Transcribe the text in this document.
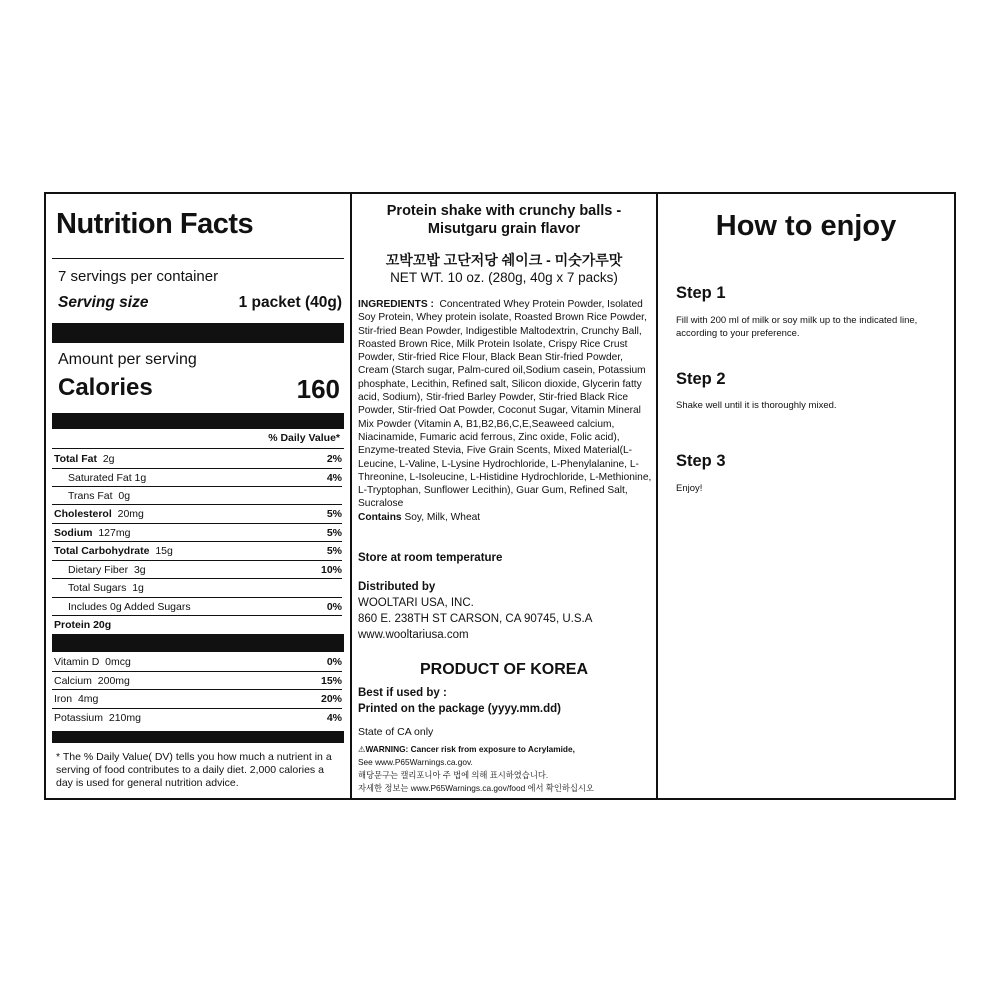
Nutrition Facts
7 servings per container
Serving size	1 packet (40g)
Amount per serving
Calories	160
% Daily Value*
Total Fat 2g	2%
Saturated Fat 1g	4%
Trans Fat 0g
Cholesterol 20mg	5%
Sodium 127mg	5%
Total Carbohydrate 15g	5%
Dietary Fiber 3g	10%
Total Sugars 1g
Includes 0g Added Sugars	0%
Protein 20g
Vitamin D 0mcg	0%
Calcium 200mg	15%
Iron 4mg	20%
Potassium 210mg	4%
* The % Daily Value( DV) tells you how much a nutrient in a serving of food contributes to a daily diet. 2,000 calories a day is used for general nutrition advice.
Protein shake with crunchy balls -
Misutgaru grain flavor
꼬박꼬밥 고단저당 쉐이크 - 미숫가루맛
NET WT. 10 oz. (280g, 40g x 7 packs)
INGREDIENTS : Concentrated Whey Protein Powder, Isolated Soy Protein, Whey protein isolate, Roasted Brown Rice Powder, Stir-fried Bean Powder, Indigestible Maltodextrin, Crunchy Ball, Roasted Brown Rice, Milk Protein Isolate, Crispy Rice Crust Powder, Stir-fried Rice Flour, Black Bean Stir-fried Powder, Cream (Starch sugar, Palm-cured oil,Sodium casein, Potassium phosphate, Lecithin, Refined salt, Silicon dioxide, Glycerin fatty acid, Sodium), Stir-fried Barley Powder, Stir-fried Black Rice Powder, Stir-fried Oat Powder, Coconut Sugar, Vitamin Mineral Mix Powder (Vitamin A, B1,B2,B6,C,E,Seaweed calcium, Niacinamide, Fumaric acid ferrous, Zinc oxide, Folic acid), Enzyme-treated Stevia, Five Grain Scents, Mixed Material(L-Leucine, L-Valine, L-Lysine Hydrochloride, L-Phenylalanine, L-Threonine, L-Isoleucine, L-Histidine Hydrochloride, L-Methionine, L-Tryptophan, Sunflower Lecithin), Guar Gum, Refined Salt, Sucralose
Contains Soy, Milk, Wheat
Store at room temperature
Distributed by
WOOLTARI USA, INC.
860 E. 238TH ST CARSON, CA 90745, U.S.A
www.wooltariusa.com
PRODUCT OF KOREA
Best if used by :
Printed on the package (yyyy.mm.dd)
State of CA only
⚠WARNING: Cancer risk from exposure to Acrylamide,
See www.P65Warnings.ca.gov.
해당문구는 캘리포니아 주 법에 의해 표시하였습니다.
자세한 정보는 www.P65Warnings.ca.gov/food 에서 확인하십시오
How to enjoy
Step 1
Fill with 200 ml of milk or soy milk up to the indicated line, according to your preference.
Step 2
Shake well until it is thoroughly mixed.
Step 3
Enjoy!
